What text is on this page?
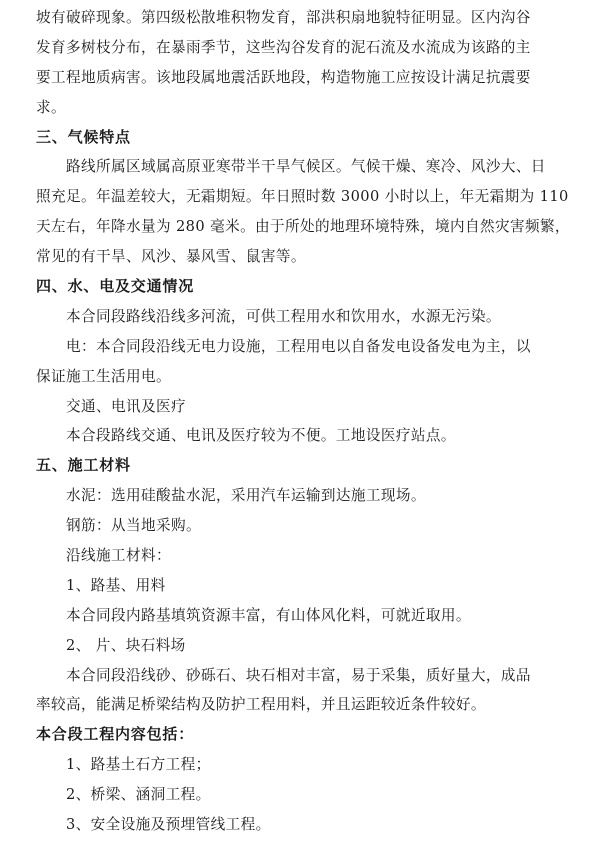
坡有破碎现象。第四级松散堆积物发育，部洪积扇地貌特征明显。区内沟谷
发育多树枝分布，在暴雨季节，这些沟谷发育的泥石流及水流成为该路的主
要工程地质病害。该地段属地震活跃地段，构造物施工应按设计满足抗震要
求。
三、气候特点
路线所属区域属高原亚寒带半干旱气候区。气候干燥、寒冷、风沙大、日
照充足。年温差较大，无霜期短。年日照时数 3000 小时以上，年无霜期为 110
天左右，年降水量为 280 毫米。由于所处的地理环境特殊，境内自然灾害频繁，
常见的有干旱、风沙、暴风雪、鼠害等。
四、水、电及交通情况
本合同段路线沿线多河流，可供工程用水和饮用水，水源无污染。
电：本合同段沿线无电力设施，工程用电以自备发电设备发电为主，以
保证施工生活用电。
交通、电讯及医疗
本合段路线交通、电讯及医疗较为不便。工地设医疗站点。
五、施工材料
水泥：选用硅酸盐水泥，采用汽车运输到达施工现场。
钢筋：从当地采购。
沿线施工材料：
1、路基、用料
本合同段内路基填筑资源丰富，有山体风化料，可就近取用。
2、 片、块石料场
本合同段沿线砂、砂砾石、块石相对丰富，易于采集，质好量大，成品
率较高，能满足桥梁结构及防护工程用料，并且运距较近条件较好。
本合段工程内容包括：
1、路基土石方工程；
2、桥梁、涵洞工程。
3、安全设施及预埋管线工程。
